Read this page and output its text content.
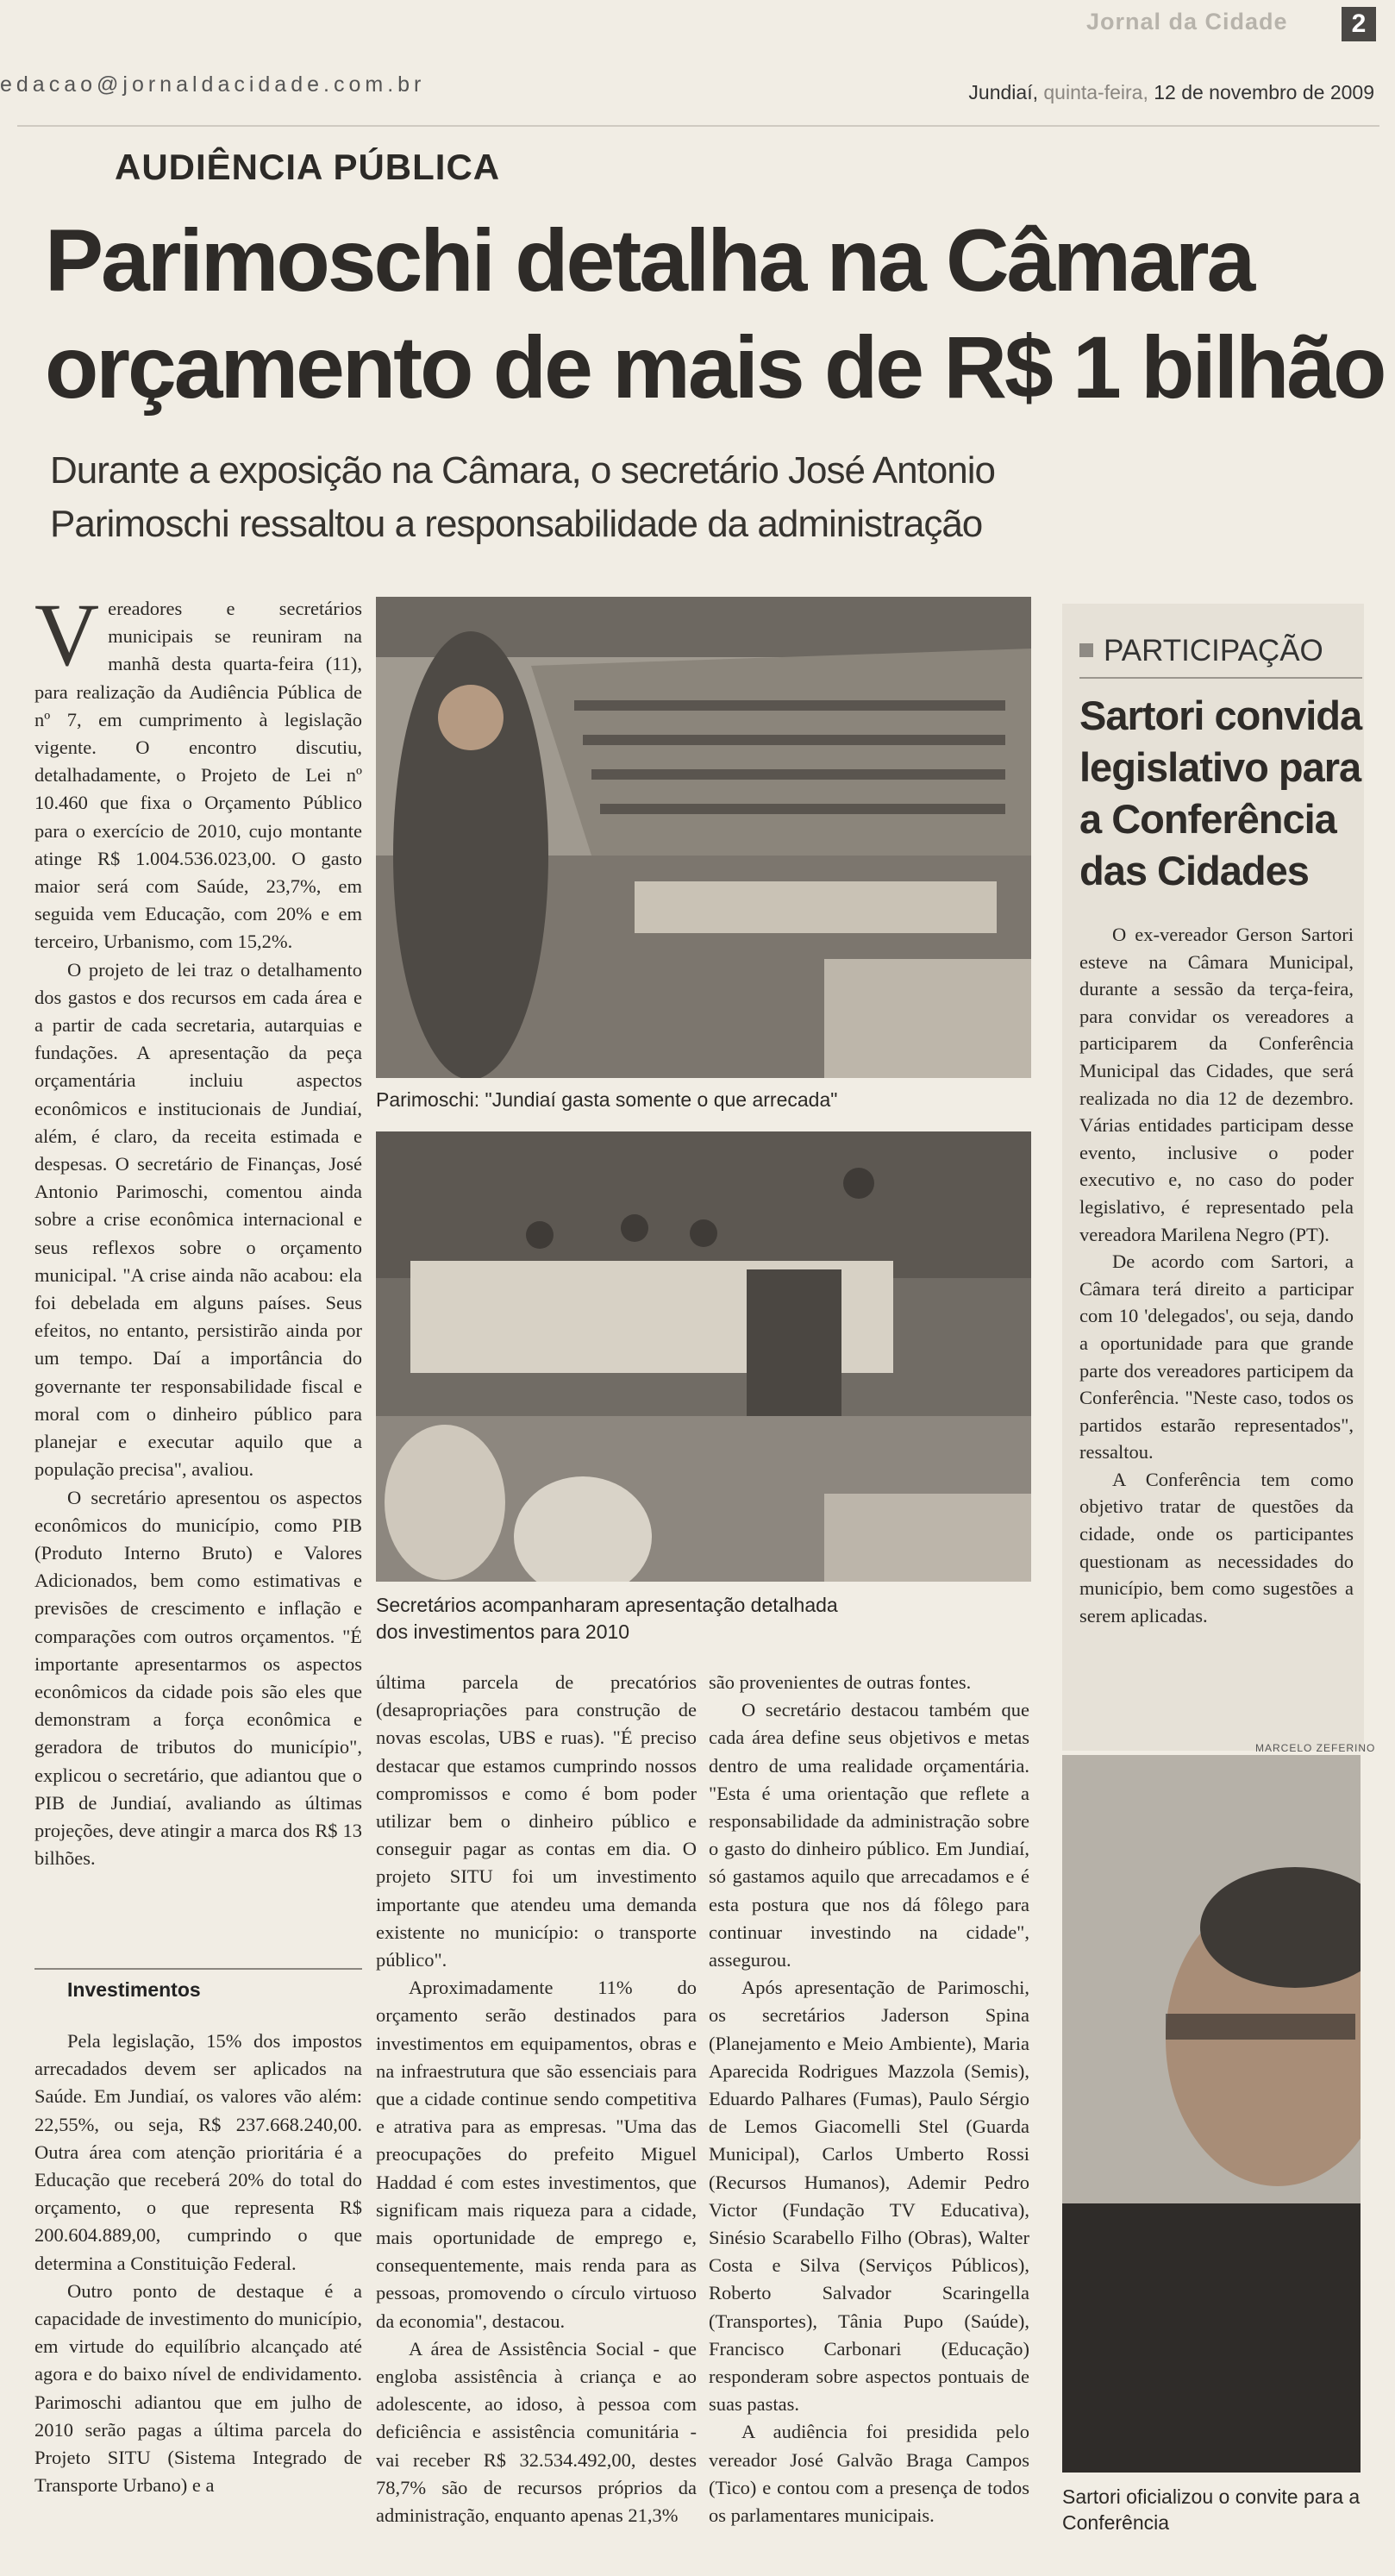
Jornal da Cidade	2
edacao@jornaldacidade.com.br	Jundiaí, quinta-feira, 12 de novembro de 2009
AUDIÊNCIA PÚBLICA
Parimoschi detalha na Câmara orçamento de mais de R$ 1 bilhão
Durante a exposição na Câmara, o secretário José Antonio Parimoschi ressaltou a responsabilidade da administração

Vereadores e secretários municipais se reuniram na manhã desta quarta-feira (11), para realização da Audiência Pública de nº 7, em cumprimento à legislação vigente. O encontro discutiu, detalhadamente, o Projeto de Lei nº 10.460 que fixa o Orçamento Público para o exercício de 2010, cujo montante atinge R$ 1.004.536.023,00. O gasto maior será com Saúde, 23,7%, em seguida vem Educação, com 20% e em terceiro, Urbanismo, com 15,2%.

O projeto de lei traz o detalhamento dos gastos e dos recursos em cada área e a partir de cada secretaria, autarquias e fundações. A apresentação da peça orçamentária incluiu aspectos econômicos e institucionais de Jundiaí, além, é claro, da receita estimada e despesas. O secretário de Finanças, José Antonio Parimoschi, comentou ainda sobre a crise econômica internacional e seus reflexos sobre o orçamento municipal. "A crise ainda não acabou: ela foi debelada em alguns países. Seus efeitos, no entanto, persistirão ainda por um tempo. Daí a importância do governante ter responsabilidade fiscal e moral com o dinheiro público para planejar e executar aquilo que a população precisa", avaliou.

O secretário apresentou os aspectos econômicos do município, como PIB (Produto Interno Bruto) e Valores Adicionados, bem como estimativas e previsões de crescimento e inflação e comparações com outros orçamentos. "É importante apresentarmos os aspectos econômicos da cidade pois são eles que demonstram a força econômica e geradora de tributos do município", explicou o secretário, que adiantou que o PIB de Jundiaí, avaliando as últimas projeções, deve atingir a marca dos R$ 13 bilhões.

Investimentos

Pela legislação, 15% dos impostos arrecadados devem ser aplicados na Saúde. Em Jundiaí, os valores vão além: 22,55%, ou seja, R$ 237.668.240,00. Outra área com atenção prioritária é a Educação que receberá 20% do total do orçamento, o que representa R$ 200.604.889,00, cumprindo o que determina a Constituição Federal.

Outro ponto de destaque é a capacidade de investimento do município, em virtude do equilíbrio alcançado até agora e do baixo nível de endividamento. Parimoschi adiantou que em julho de 2010 serão pagas a última parcela do Projeto SITU (Sistema Integrado de Transporte Urbano) e a

Parimoschi: "Jundiaí gasta somente o que arrecada"
Secretários acompanharam apresentação detalhada dos investimentos para 2010

última parcela de precatórios (desapropriações para construção de novas escolas, UBS e ruas). "É preciso destacar que estamos cumprindo nossos compromissos e como é bom poder utilizar bem o dinheiro público e conseguir pagar as contas em dia. O projeto SITU foi um investimento importante que atendeu uma demanda existente no município: o transporte público".

Aproximadamente 11% do orçamento serão destinados para investimentos em equipamentos, obras e na infraestrutura que são essenciais para que a cidade continue sendo competitiva e atrativa para as empresas. "Uma das preocupações do prefeito Miguel Haddad é com estes investimentos, que significam mais riqueza para a cidade, mais oportunidade de emprego e, consequentemente, mais renda para as pessoas, promovendo o círculo virtuoso da economia", destacou.

A área de Assistência Social - que engloba assistência à criança e ao adolescente, ao idoso, à pessoa com deficiência e assistência comunitária - vai receber R$ 32.534.492,00, destes 78,7% são de recursos próprios da administração, enquanto apenas 21,3%

são provenientes de outras fontes.

O secretário destacou também que cada área define seus objetivos e metas dentro de uma realidade orçamentária. "Esta é uma orientação que reflete a responsabilidade da administração sobre o gasto do dinheiro público. Em Jundiaí, só gastamos aquilo que arrecadamos e é esta postura que nos dá fôlego para continuar investindo na cidade", assegurou.

Após apresentação de Parimoschi, os secretários Jaderson Spina (Planejamento e Meio Ambiente), Maria Aparecida Rodrigues Mazzola (Semis), Eduardo Palhares (Fumas), Paulo Sérgio de Lemos Giacomelli Stel (Guarda Municipal), Carlos Umberto Rossi (Recursos Humanos), Ademir Pedro Victor (Fundação TV Educativa), Sinésio Scarabello Filho (Obras), Walter Costa e Silva (Serviços Públicos), Roberto Salvador Scaringella (Transportes), Tânia Pupo (Saúde), Francisco Carbonari (Educação) responderam sobre aspectos pontuais de suas pastas.

A audiência foi presidida pelo vereador José Galvão Braga Campos (Tico) e contou com a presença de todos os parlamentares municipais.

PARTICIPAÇÃO
Sartori convida legislativo para a Conferência das Cidades

O ex-vereador Gerson Sartori esteve na Câmara Municipal, durante a sessão da terça-feira, para convidar os vereadores a participarem da Conferência Municipal das Cidades, que será realizada no dia 12 de dezembro. Várias entidades participam desse evento, inclusive o poder executivo e, no caso do poder legislativo, é representado pela vereadora Marilena Negro (PT).

De acordo com Sartori, a Câmara terá direito a participar com 10 'delegados', ou seja, dando a oportunidade para que grande parte dos vereadores participem da Conferência. "Neste caso, todos os partidos estarão representados", ressaltou.

A Conferência tem como objetivo tratar de questões da cidade, onde os participantes questionam as necessidades do município, bem como sugestões a serem aplicadas.

MARCELO ZEFERINO
Sartori oficializou o convite para a Conferência
